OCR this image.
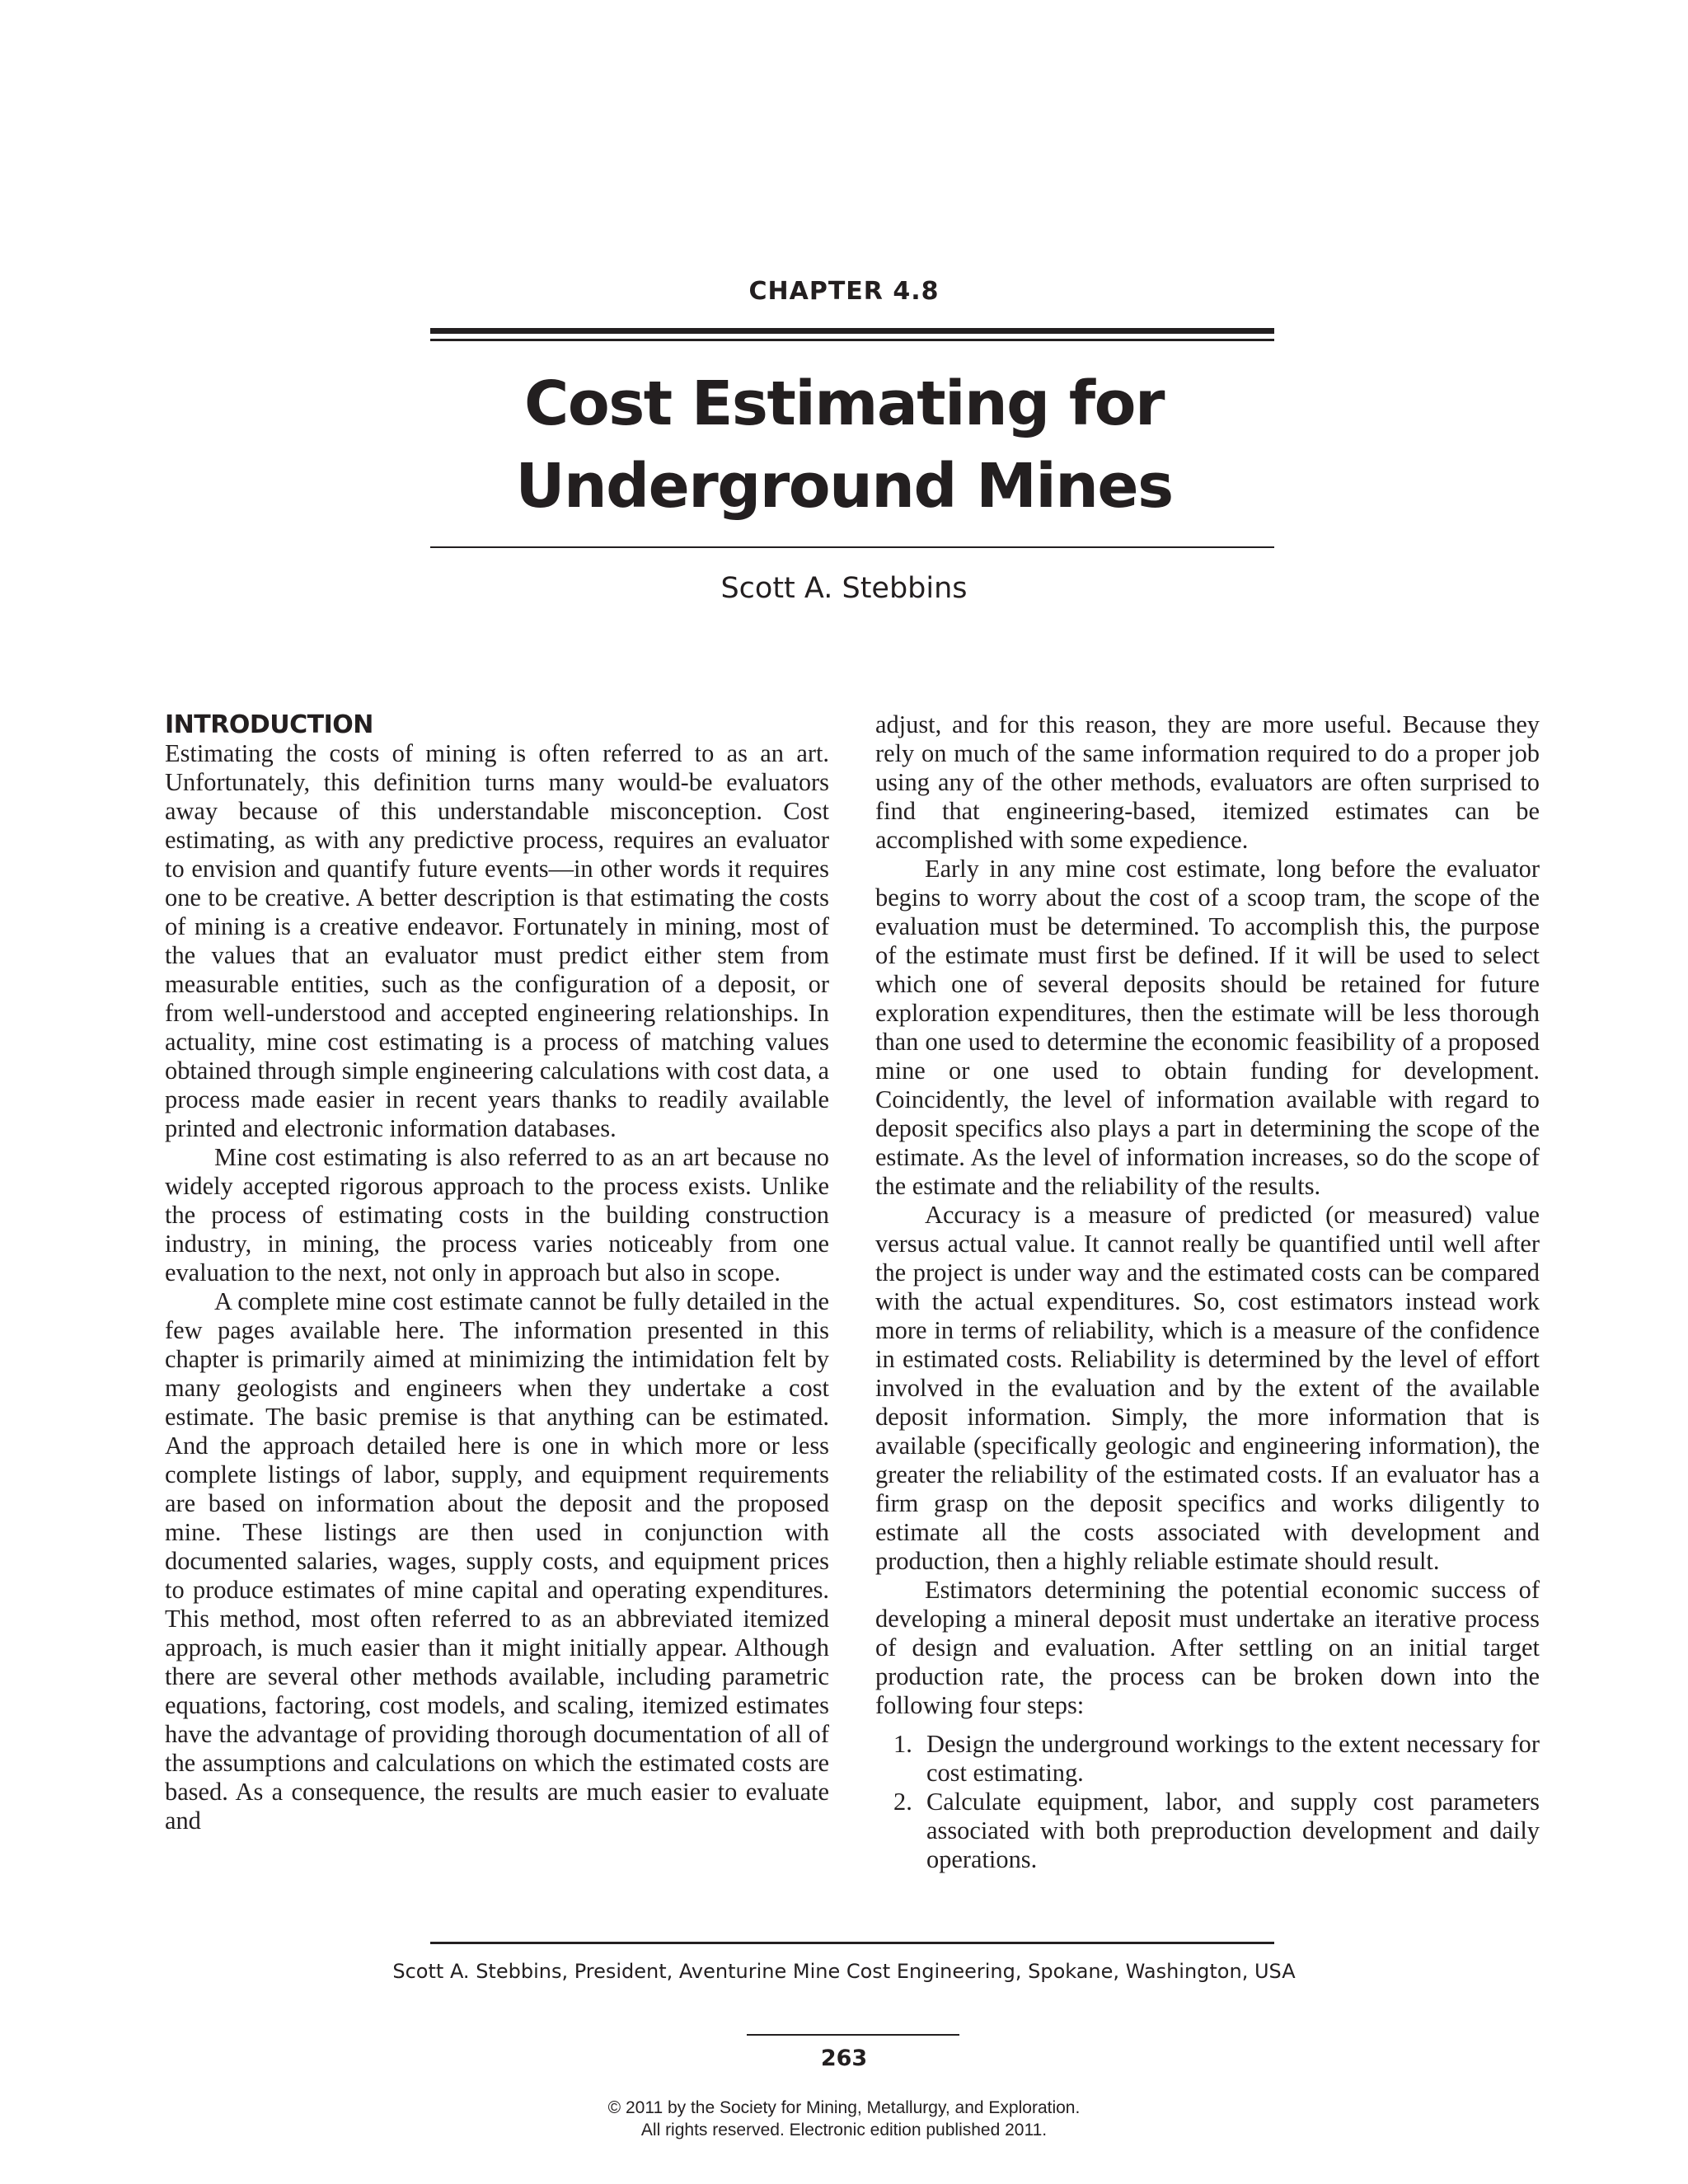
CHAPTER 4.8
Cost Estimating for
Underground Mines
Scott A. Stebbins
INTRODUCTION

Estimating the costs of mining is often referred to as an art. Unfortunately, this definition turns many would-be evaluators away because of this understandable misconception. Cost estimating, as with any predictive process, requires an evaluator to envision and quantify future events—in other words it requires one to be creative. A better description is that estimating the costs of mining is a creative endeavor. Fortunately in mining, most of the values that an evaluator must predict either stem from measurable entities, such as the configuration of a deposit, or from well-understood and accepted engineering relationships. In actuality, mine cost estimating is a process of matching values obtained through simple engineering calculations with cost data, a process made easier in recent years thanks to readily available printed and electronic information databases.

Mine cost estimating is also referred to as an art because no widely accepted rigorous approach to the process exists. Unlike the process of estimating costs in the building construction industry, in mining, the process varies noticeably from one evaluation to the next, not only in approach but also in scope.

A complete mine cost estimate cannot be fully detailed in the few pages available here. The information presented in this chapter is primarily aimed at minimizing the intimidation felt by many geologists and engineers when they undertake a cost estimate. The basic premise is that anything can be estimated. And the approach detailed here is one in which more or less complete listings of labor, supply, and equipment requirements are based on information about the deposit and the proposed mine. These listings are then used in conjunction with documented salaries, wages, supply costs, and equipment prices to produce estimates of mine capital and operating expenditures. This method, most often referred to as an abbreviated itemized approach, is much easier than it might initially appear. Although there are several other methods available, including parametric equations, factoring, cost models, and scaling, itemized estimates have the advantage of providing thorough documentation of all of the assumptions and calculations on which the estimated costs are based. As a consequence, the results are much easier to evaluate and

adjust, and for this reason, they are more useful. Because they rely on much of the same information required to do a proper job using any of the other methods, evaluators are often surprised to find that engineering-based, itemized estimates can be accomplished with some expedience.

Early in any mine cost estimate, long before the evaluator begins to worry about the cost of a scoop tram, the scope of the evaluation must be determined. To accomplish this, the purpose of the estimate must first be defined. If it will be used to select which one of several deposits should be retained for future exploration expenditures, then the estimate will be less thorough than one used to determine the economic feasibility of a proposed mine or one used to obtain funding for development. Coincidently, the level of information available with regard to deposit specifics also plays a part in determining the scope of the estimate. As the level of information increases, so do the scope of the estimate and the reliability of the results.

Accuracy is a measure of predicted (or measured) value versus actual value. It cannot really be quantified until well after the project is under way and the estimated costs can be compared with the actual expenditures. So, cost estimators instead work more in terms of reliability, which is a measure of the confidence in estimated costs. Reliability is determined by the level of effort involved in the evaluation and by the extent of the available deposit information. Simply, the more information that is available (specifically geologic and engineering information), the greater the reliability of the estimated costs. If an evaluator has a firm grasp on the deposit specifics and works diligently to estimate all the costs associated with development and production, then a highly reliable estimate should result.

Estimators determining the potential economic success of developing a mineral deposit must undertake an iterative process of design and evaluation. After settling on an initial target production rate, the process can be broken down into the following four steps:

1. Design the underground workings to the extent necessary for cost estimating.
2. Calculate equipment, labor, and supply cost parameters associated with both preproduction development and daily operations.
Scott A. Stebbins, President, Aventurine Mine Cost Engineering, Spokane, Washington, USA
263
© 2011 by the Society for Mining, Metallurgy, and Exploration.
All rights reserved. Electronic edition published 2011.
